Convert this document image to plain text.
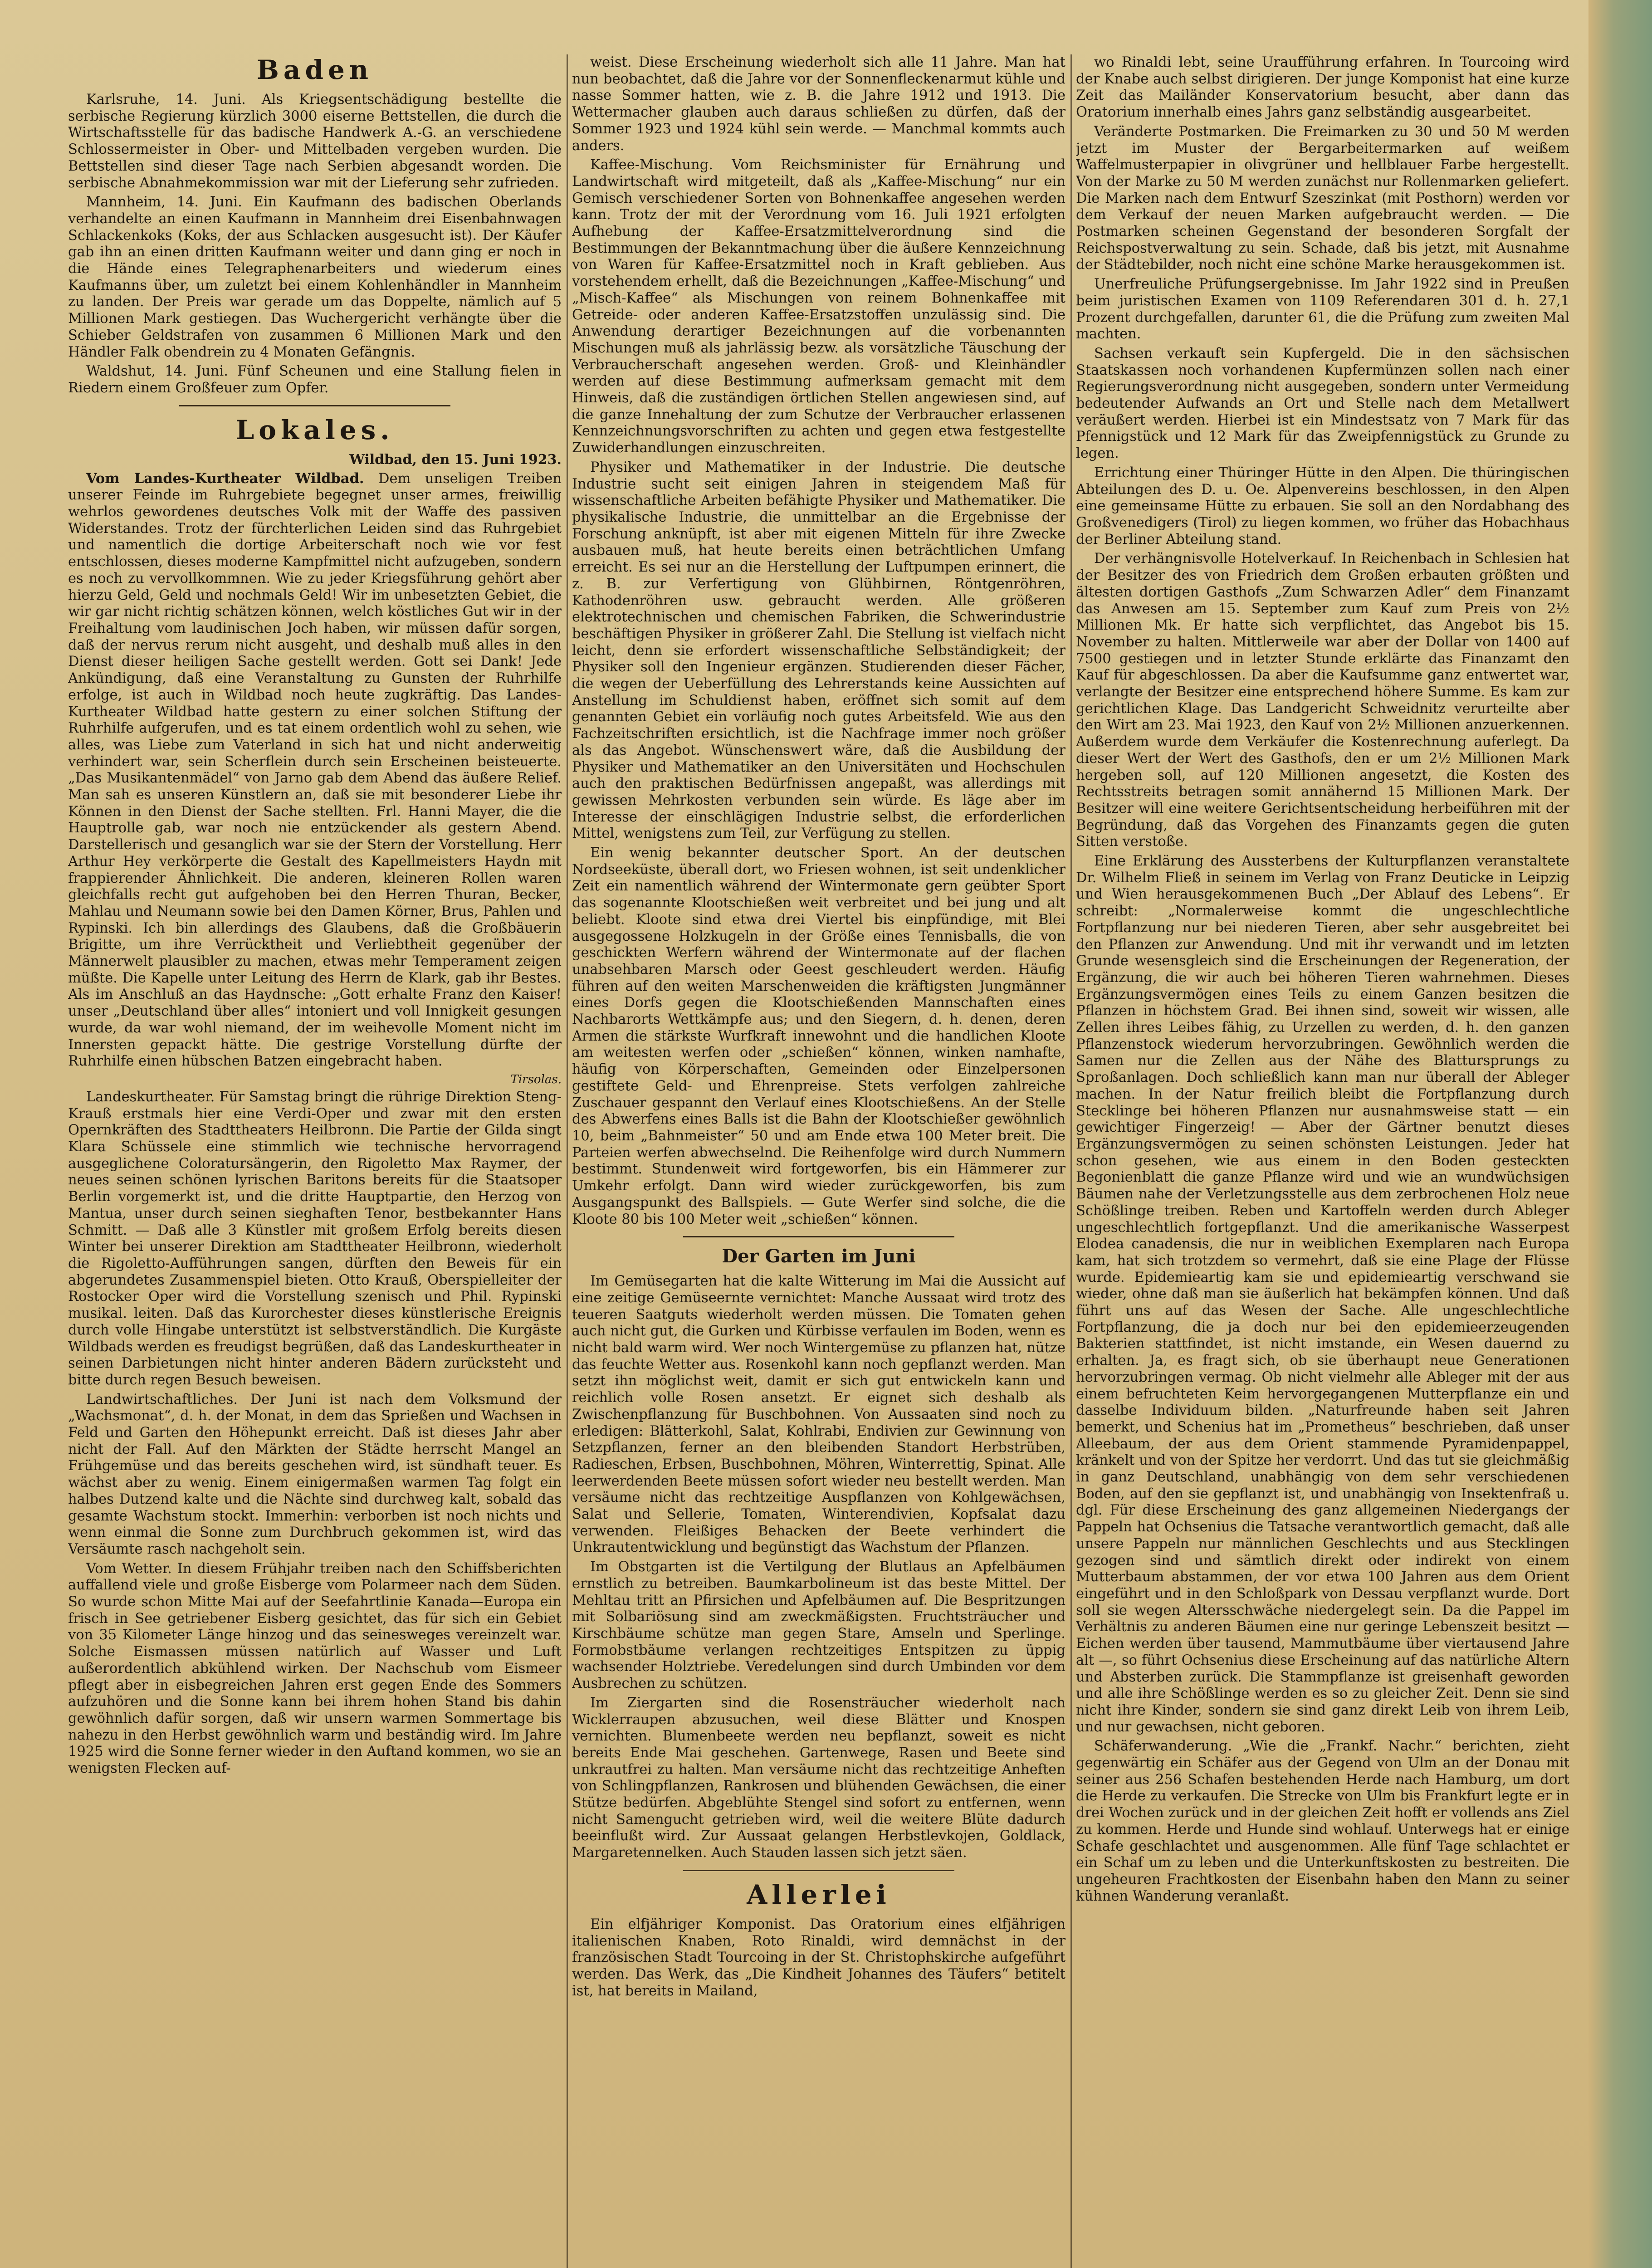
Baden

Karlsruhe, 14. Juni. Als Kriegsentschädigung bestellte die serbische Regierung kürzlich 3000 eiserne Bettstellen, die durch die Wirtschaftsstelle für das badische Handwerk A.-G. an verschiedene Schlossermeister in Ober- und Mittelbaden vergeben wurden. Die Bettstellen sind dieser Tage nach Serbien abgesandt worden. Die serbische Abnahmekommission war mit der Lieferung sehr zufrieden.

Mannheim, 14. Juni. Ein Kaufmann des badischen Oberlands verhandelte an einen Kaufmann in Mannheim drei Eisenbahnwagen Schlackenkoks (Koks, der aus Schlacken ausgesucht ist). Der Käufer gab ihn an einen dritten Kaufmann weiter und dann ging er noch in die Hände eines Telegraphenarbeiters und wiederum eines Kaufmanns über, um zuletzt bei einem Kohlenhändler in Mannheim zu landen. Der Preis war gerade um das Doppelte, nämlich auf 5 Millionen Mark gestiegen. Das Wuchergericht verhängte über die Schieber Geldstrafen von zusammen 6 Millionen Mark und den Händler Falk obendrein zu 4 Monaten Gefängnis.

Waldshut, 14. Juni. Fünf Scheunen und eine Stallung fielen in Riedern einem Großfeuer zum Opfer.

Lokales.
Wildbad, den 15. Juni 1923.

Vom Landes-Kurtheater Wildbad. Dem unseligen Treiben unserer Feinde im Ruhrgebiete begegnet unser armes, freiwillig wehrlos gewordenes deutsches Volk mit der Waffe des passiven Widerstandes. Trotz der fürchterlichen Leiden sind das Ruhrgebiet und namentlich die dortige Arbeiterschaft noch wie vor fest entschlossen, dieses moderne Kampfmittel nicht aufzugeben, sondern es noch zu vervollkommnen. Wie zu jeder Kriegsführung gehört aber hierzu Geld, Geld und nochmals Geld! Wir im unbesetzten Gebiet, die wir gar nicht richtig schätzen können, welch köstliches Gut wir in der Freihaltung vom laudinischen Joch haben, wir müssen dafür sorgen, daß der nervus rerum nicht ausgeht, und deshalb muß alles in den Dienst dieser heiligen Sache gestellt werden. Gott sei Dank! Jede Ankündigung, daß eine Veranstaltung zu Gunsten der Ruhrhilfe erfolge, ist auch in Wildbad noch heute zugkräftig. Das Landes-Kurtheater Wildbad hatte gestern zu einer solchen Stiftung der Ruhrhilfe aufgerufen, und es tat einem ordentlich wohl zu sehen, wie alles, was Liebe zum Vaterland in sich hat und nicht anderweitig verhindert war, sein Scherflein durch sein Erscheinen beisteuerte. „Das Musikantenmädel“ von Jarno gab dem Abend das äußere Relief. Man sah es unseren Künstlern an, daß sie mit besonderer Liebe ihr Können in den Dienst der Sache stellten. Frl. Hanni Mayer, die die Hauptrolle gab, war noch nie entzückender als gestern Abend. Darstellerisch und gesanglich war sie der Stern der Vorstellung. Herr Arthur Hey verkörperte die Gestalt des Kapellmeisters Haydn mit frappierender Ähnlichkeit. Die anderen, kleineren Rollen waren gleichfalls recht gut aufgehoben bei den Herren Thuran, Becker, Mahlau und Neumann sowie bei den Damen Körner, Brus, Pahlen und Rypinski. Ich bin allerdings des Glaubens, daß die Großbäuerin Brigitte, um ihre Verrücktheit und Verliebtheit gegenüber der Männerwelt plausibler zu machen, etwas mehr Temperament zeigen müßte. Die Kapelle unter Leitung des Herrn de Klark, gab ihr Bestes. Als im Anschluß an das Haydnsche: „Gott erhalte Franz den Kaiser! unser „Deutschland über alles“ intoniert und voll Innigkeit gesungen wurde, da war wohl niemand, der im weihevolle Moment nicht im Innersten gepackt hätte. Die gestrige Vorstellung dürfte der Ruhrhilfe einen hübschen Batzen eingebracht haben.

Tirsolas.

Landeskurtheater. Für Samstag bringt die rührige Direktion Steng-Krauß erstmals hier eine Verdi-Oper und zwar mit den ersten Opernkräften des Stadttheaters Heilbronn. Die Partie der Gilda singt Klara Schüssele eine stimmlich wie technische hervorragend ausgeglichene Coloratursängerin, den Rigoletto Max Raymer, der neues seinen schönen lyrischen Baritons bereits für die Staatsoper Berlin vorgemerkt ist, und die dritte Hauptpartie, den Herzog von Mantua, unser durch seinen sieghaften Tenor, bestbekannter Hans Schmitt. — Daß alle 3 Künstler mit großem Erfolg bereits diesen Winter bei unserer Direktion am Stadttheater Heilbronn, wiederholt die Rigoletto-Aufführungen sangen, dürften den Beweis für ein abgerundetes Zusammenspiel bieten. Otto Krauß, Oberspielleiter der Rostocker Oper wird die Vorstellung szenisch und Phil. Rypinski musikal. leiten. Daß das Kurorchester dieses künstlerische Ereignis durch volle Hingabe unterstützt ist selbstverständlich. Die Kurgäste Wildbads werden es freudigst begrüßen, daß das Landeskurtheater in seinen Darbietungen nicht hinter anderen Bädern zurücksteht und bitte durch regen Besuch beweisen.

Landwirtschaftliches. Der Juni ist nach dem Volksmund der „Wachsmonat“, d. h. der Monat, in dem das Sprießen und Wachsen in Feld und Garten den Höhepunkt erreicht. Daß ist dieses Jahr aber nicht der Fall. Auf den Märkten der Städte herrscht Mangel an Frühgemüse und das bereits geschehen wird, ist sündhaft teuer. Es wächst aber zu wenig. Einem einigermaßen warmen Tag folgt ein halbes Dutzend kalte und die Nächte sind durchweg kalt, sobald das gesamte Wachstum stockt. Immerhin: verborben ist noch nichts und wenn einmal die Sonne zum Durchbruch gekommen ist, wird das Versäumte rasch nachgeholt sein.

Vom Wetter. In diesem Frühjahr treiben nach den Schiffsberichten auffallend viele und große Eisberge vom Polarmeer nach dem Süden. So wurde schon Mitte Mai auf der Seefahrtlinie Kanada—Europa ein frisch in See getriebener Eisberg gesichtet, das für sich ein Gebiet von 35 Kilometer Länge hinzog und das seinesweges vereinzelt war. Solche Eismassen müssen natürlich auf Wasser und Luft außerordentlich abkühlend wirken. Der Nachschub vom Eismeer pflegt aber in eisbegreichen Jahren erst gegen Ende des Sommers aufzuhören und die Sonne kann bei ihrem hohen Stand bis dahin gewöhnlich dafür sorgen, daß wir unsern warmen Sommertage bis nahezu in den Herbst gewöhnlich warm und beständig wird. Im Jahre 1925 wird die Sonne ferner wieder in den Auftand kommen, wo sie an wenigsten Flecken auf-

weist. Diese Erscheinung wiederholt sich alle 11 Jahre. Man hat nun beobachtet, daß die Jahre vor der Sonnenfleckenarmut kühle und nasse Sommer hatten, wie z. B. die Jahre 1912 und 1913. Die Wettermacher glauben auch daraus schließen zu dürfen, daß der Sommer 1923 und 1924 kühl sein werde. — Manchmal kommts auch anders.

Kaffee-Mischung. Vom Reichsminister für Ernährung und Landwirtschaft wird mitgeteilt, daß als „Kaffee-Mischung“ nur ein Gemisch verschiedener Sorten von Bohnenkaffee angesehen werden kann. Trotz der mit der Verordnung vom 16. Juli 1921 erfolgten Aufhebung der Kaffee-Ersatzmittelverordnung sind die Bestimmungen der Bekanntmachung über die äußere Kennzeichnung von Waren für Kaffee-Ersatzmittel noch in Kraft geblieben. Aus vorstehendem erhellt, daß die Bezeichnungen „Kaffee-Mischung“ und „Misch-Kaffee“ als Mischungen von reinem Bohnenkaffee mit Getreide- oder anderen Kaffee-Ersatzstoffen unzulässig sind. Die Anwendung derartiger Bezeichnungen auf die vorbenannten Mischungen muß als jahrlässig bezw. als vorsätzliche Täuschung der Verbraucherschaft angesehen werden. Groß- und Kleinhändler werden auf diese Bestimmung aufmerksam gemacht mit dem Hinweis, daß die zuständigen örtlichen Stellen angewiesen sind, auf die ganze Innehaltung der zum Schutze der Verbraucher erlassenen Kennzeichnungsvorschriften zu achten und gegen etwa festgestellte Zuwiderhandlungen einzuschreiten.

Physiker und Mathematiker in der Industrie. Die deutsche Industrie sucht seit einigen Jahren in steigendem Maß für wissenschaftliche Arbeiten befähigte Physiker und Mathematiker. Die physikalische Industrie, die unmittelbar an die Ergebnisse der Forschung anknüpft, ist aber mit eigenen Mitteln für ihre Zwecke ausbauen muß, hat heute bereits einen beträchtlichen Umfang erreicht. Es sei nur an die Herstellung der Luftpumpen erinnert, die z. B. zur Verfertigung von Glühbirnen, Röntgenröhren, Kathodenröhren usw. gebraucht werden. Alle größeren elektrotechnischen und chemischen Fabriken, die Schwerindustrie beschäftigen Physiker in größerer Zahl. Die Stellung ist vielfach nicht leicht, denn sie erfordert wissenschaftliche Selbständigkeit; der Physiker soll den Ingenieur ergänzen. Studierenden dieser Fächer, die wegen der Ueberfüllung des Lehrerstands keine Aussichten auf Anstellung im Schuldienst haben, eröffnet sich somit auf dem genannten Gebiet ein vorläufig noch gutes Arbeitsfeld. Wie aus den Fachzeitschriften ersichtlich, ist die Nachfrage immer noch größer als das Angebot. Wünschenswert wäre, daß die Ausbildung der Physiker und Mathematiker an den Universitäten und Hochschulen auch den praktischen Bedürfnissen angepaßt, was allerdings mit gewissen Mehrkosten verbunden sein würde. Es läge aber im Interesse der einschlägigen Industrie selbst, die erforderlichen Mittel, wenigstens zum Teil, zur Verfügung zu stellen.

Ein wenig bekannter deutscher Sport. An der deutschen Nordseeküste, überall dort, wo Friesen wohnen, ist seit undenklicher Zeit ein namentlich während der Wintermonate gern geübter Sport das sogenannte Klootschießen weit verbreitet und bei jung und alt beliebt. Kloote sind etwa drei Viertel bis einpfündige, mit Blei ausgegossene Holzkugeln in der Größe eines Tennisballs, die von geschickten Werfern während der Wintermonate auf der flachen unabsehbaren Marsch oder Geest geschleudert werden. Häufig führen auf den weiten Marschenweiden die kräftigsten Jungmänner eines Dorfs gegen die Klootschießenden Mannschaften eines Nachbarorts Wettkämpfe aus; und den Siegern, d. h. denen, deren Armen die stärkste Wurfkraft innewohnt und die handlichen Kloote am weitesten werfen oder „schießen“ können, winken namhafte, häufig von Körperschaften, Gemeinden oder Einzelpersonen gestiftete Geld- und Ehrenpreise. Stets verfolgen zahlreiche Zuschauer gespannt den Verlauf eines Klootschießens. An der Stelle des Abwerfens eines Balls ist die Bahn der Klootschießer gewöhnlich 10, beim „Bahnmeister“ 50 und am Ende etwa 100 Meter breit. Die Parteien werfen abwechselnd. Die Reihenfolge wird durch Nummern bestimmt. Stundenweit wird fortgeworfen, bis ein Hämmerer zur Umkehr erfolgt. Dann wird wieder zurückgeworfen, bis zum Ausgangspunkt des Ballspiels. — Gute Werfer sind solche, die die Kloote 80 bis 100 Meter weit „schießen“ können.

Der Garten im Juni

Im Gemüsegarten hat die kalte Witterung im Mai die Aussicht auf eine zeitige Gemüseernte vernichtet: Manche Aussaat wird trotz des teueren Saatguts wiederholt werden müssen. Die Tomaten gehen auch nicht gut, die Gurken und Kürbisse verfaulen im Boden, wenn es nicht bald warm wird. Wer noch Wintergemüse zu pflanzen hat, nütze das feuchte Wetter aus. Rosenkohl kann noch gepflanzt werden. Man setzt ihn möglichst weit, damit er sich gut entwickeln kann und reichlich volle Rosen ansetzt. Er eignet sich deshalb als Zwischenpflanzung für Buschbohnen. Von Aussaaten sind noch zu erledigen: Blätterkohl, Salat, Kohlrabi, Endivien zur Gewinnung von Setzpflanzen, ferner an den bleibenden Standort Herbstrüben, Radieschen, Erbsen, Buschbohnen, Möhren, Winterrettig, Spinat. Alle leerwerdenden Beete müssen sofort wieder neu bestellt werden. Man versäume nicht das rechtzeitige Auspflanzen von Kohlgewächsen, Salat und Sellerie, Tomaten, Winterendivien, Kopfsalat dazu verwenden. Fleißiges Behacken der Beete verhindert die Unkrautentwicklung und begünstigt das Wachstum der Pflanzen.

Im Obstgarten ist die Vertilgung der Blutlaus an Apfelbäumen ernstlich zu betreiben. Baumkarbolineum ist das beste Mittel. Der Mehltau tritt an Pfirsichen und Apfelbäumen auf. Die Bespritzungen mit Solbariösung sind am zweckmäßigsten. Fruchtsträucher und Kirschbäume schütze man gegen Stare, Amseln und Sperlinge. Formobstbäume verlangen rechtzeitiges Entspitzen zu üppig wachsender Holztriebe. Veredelungen sind durch Umbinden vor dem Ausbrechen zu schützen.

Im Ziergarten sind die Rosensträucher wiederholt nach Wicklerraupen abzusuchen, weil diese Blätter und Knospen vernichten. Blumenbeete werden neu bepflanzt, soweit es nicht bereits Ende Mai geschehen. Gartenwege, Rasen und Beete sind unkrautfrei zu halten. Man versäume nicht das rechtzeitige Anheften von Schlingpflanzen, Rankrosen und blühenden Gewächsen, die einer Stütze bedürfen. Abgeblühte Stengel sind sofort zu entfernen, wenn nicht Samengucht getrieben wird, weil die weitere Blüte dadurch beeinflußt wird. Zur Aussaat gelangen Herbstlevkojen, Goldlack, Margaretennelken. Auch Stauden lassen sich jetzt säen.

Allerlei

Ein elfjähriger Komponist. Das Oratorium eines elfjährigen italienischen Knaben, Roto Rinaldi, wird demnächst in der französischen Stadt Tourcoing in der St. Christophskirche aufgeführt werden. Das Werk, das „Die Kindheit Johannes des Täufers“ betitelt ist, hat bereits in Mailand,

wo Rinaldi lebt, seine Uraufführung erfahren. In Tourcoing wird der Knabe auch selbst dirigieren. Der junge Komponist hat eine kurze Zeit das Mailänder Konservatorium besucht, aber dann das Oratorium innerhalb eines Jahrs ganz selbständig ausgearbeitet.

Veränderte Postmarken. Die Freimarken zu 30 und 50 M werden jetzt im Muster der Bergarbeitermarken auf weißem Waffelmusterpapier in olivgrüner und hellblauer Farbe hergestellt. Von der Marke zu 50 M werden zunächst nur Rollenmarken geliefert. Die Marken nach dem Entwurf Szeszinkat (mit Posthorn) werden vor dem Verkauf der neuen Marken aufgebraucht werden. — Die Postmarken scheinen Gegenstand der besonderen Sorgfalt der Reichspostverwaltung zu sein. Schade, daß bis jetzt, mit Ausnahme der Städtebilder, noch nicht eine schöne Marke herausgekommen ist.

Unerfreuliche Prüfungsergebnisse. Im Jahr 1922 sind in Preußen beim juristischen Examen von 1109 Referendaren 301 d. h. 27,1 Prozent durchgefallen, darunter 61, die die Prüfung zum zweiten Mal machten.

Sachsen verkauft sein Kupfergeld. Die in den sächsischen Staatskassen noch vorhandenen Kupfermünzen sollen nach einer Regierungsverordnung nicht ausgegeben, sondern unter Vermeidung bedeutender Aufwands an Ort und Stelle nach dem Metallwert veräußert werden. Hierbei ist ein Mindestsatz von 7 Mark für das Pfennigstück und 12 Mark für das Zweipfennigstück zu Grunde zu legen.

Errichtung einer Thüringer Hütte in den Alpen. Die thüringischen Abteilungen des D. u. Oe. Alpenvereins beschlossen, in den Alpen eine gemeinsame Hütte zu erbauen. Sie soll an den Nordabhang des Großvenedigers (Tirol) zu liegen kommen, wo früher das Hobachhaus der Berliner Abteilung stand.

Der verhängnisvolle Hotelverkauf. In Reichenbach in Schlesien hat der Besitzer des von Friedrich dem Großen erbauten größten und ältesten dortigen Gasthofs „Zum Schwarzen Adler“ dem Finanzamt das Anwesen am 15. September zum Kauf zum Preis von 2½ Millionen Mk. Er hatte sich verpflichtet, das Angebot bis 15. November zu halten. Mittlerweile war aber der Dollar von 1400 auf 7500 gestiegen und in letzter Stunde erklärte das Finanzamt den Kauf für abgeschlossen. Da aber die Kaufsumme ganz entwertet war, verlangte der Besitzer eine entsprechend höhere Summe. Es kam zur gerichtlichen Klage. Das Landgericht Schweidnitz verurteilte aber den Wirt am 23. Mai 1923, den Kauf von 2½ Millionen anzuerkennen. Außerdem wurde dem Verkäufer die Kostenrechnung auferlegt. Da dieser Wert der Wert des Gasthofs, den er um 2½ Millionen Mark hergeben soll, auf 120 Millionen angesetzt, die Kosten des Rechtsstreits betragen somit annähernd 15 Millionen Mark. Der Besitzer will eine weitere Gerichtsentscheidung herbeiführen mit der Begründung, daß das Vorgehen des Finanzamts gegen die guten Sitten verstoße.

Eine Erklärung des Aussterbens der Kulturpflanzen veranstaltete Dr. Wilhelm Fließ in seinem im Verlag von Franz Deuticke in Leipzig und Wien herausgekommenen Buch „Der Ablauf des Lebens“. Er schreibt: „Normalerweise kommt die ungeschlechtliche Fortpflanzung nur bei niederen Tieren, aber sehr ausgebreitet bei den Pflanzen zur Anwendung. Und mit ihr verwandt und im letzten Grunde wesensgleich sind die Erscheinungen der Regeneration, der Ergänzung, die wir auch bei höheren Tieren wahrnehmen. Dieses Ergänzungsvermögen eines Teils zu einem Ganzen besitzen die Pflanzen in höchstem Grad. Bei ihnen sind, soweit wir wissen, alle Zellen ihres Leibes fähig, zu Urzellen zu werden, d. h. den ganzen Pflanzenstock wiederum hervorzubringen. Gewöhnlich werden die Samen nur die Zellen aus der Nähe des Blattursprungs zu Sproßanlagen. Doch schließlich kann man nur überall der Ableger machen. In der Natur freilich bleibt die Fortpflanzung durch Stecklinge bei höheren Pflanzen nur ausnahmsweise statt — ein gewichtiger Fingerzeig! — Aber der Gärtner benutzt dieses Ergänzungsvermögen zu seinen schönsten Leistungen. Jeder hat schon gesehen, wie aus einem in den Boden gesteckten Begonienblatt die ganze Pflanze wird und wie an wundwüchsigen Bäumen nahe der Verletzungsstelle aus dem zerbrochenen Holz neue Schößlinge treiben. Reben und Kartoffeln werden durch Ableger ungeschlechtlich fortgepflanzt. Und die amerikanische Wasserpest Elodea canadensis, die nur in weiblichen Exemplaren nach Europa kam, hat sich trotzdem so vermehrt, daß sie eine Plage der Flüsse wurde. Epidemieartig kam sie und epidemieartig verschwand sie wieder, ohne daß man sie äußerlich hat bekämpfen können. Und daß führt uns auf das Wesen der Sache. Alle ungeschlechtliche Fortpflanzung, die ja doch nur bei den epidemieerzeugenden Bakterien stattfindet, ist nicht imstande, ein Wesen dauernd zu erhalten. Ja, es fragt sich, ob sie überhaupt neue Generationen hervorzubringen vermag. Ob nicht vielmehr alle Ableger mit der aus einem befruchteten Keim hervorgegangenen Mutterpflanze ein und dasselbe Individuum bilden. „Naturfreunde haben seit Jahren bemerkt, und Schenius hat im „Prometheus“ beschrieben, daß unser Alleebaum, der aus dem Orient stammende Pyramidenpappel, kränkelt und von der Spitze her verdorrt. Und das tut sie gleichmäßig in ganz Deutschland, unabhängig von dem sehr verschiedenen Boden, auf den sie gepflanzt ist, und unabhängig von Insektenfraß u. dgl. Für diese Erscheinung des ganz allgemeinen Niedergangs der Pappeln hat Ochsenius die Tatsache verantwortlich gemacht, daß alle unsere Pappeln nur männlichen Geschlechts und aus Stecklingen gezogen sind und sämtlich direkt oder indirekt von einem Mutterbaum abstammen, der vor etwa 100 Jahren aus dem Orient eingeführt und in den Schloßpark von Dessau verpflanzt wurde. Dort soll sie wegen Altersschwäche niedergelegt sein. Da die Pappel im Verhältnis zu anderen Bäumen eine nur geringe Lebenszeit besitzt — Eichen werden über tausend, Mammutbäume über viertausend Jahre alt —, so führt Ochsenius diese Erscheinung auf das natürliche Altern und Absterben zurück. Die Stammpflanze ist greisenhaft geworden und alle ihre Schößlinge werden es so zu gleicher Zeit. Denn sie sind nicht ihre Kinder, sondern sie sind ganz direkt Leib von ihrem Leib, und nur gewachsen, nicht geboren.

Schäferwanderung. „Wie die „Frankf. Nachr.“ berichten, zieht gegenwärtig ein Schäfer aus der Gegend von Ulm an der Donau mit seiner aus 256 Schafen bestehenden Herde nach Hamburg, um dort die Herde zu verkaufen. Die Strecke von Ulm bis Frankfurt legte er in drei Wochen zurück und in der gleichen Zeit hofft er vollends ans Ziel zu kommen. Herde und Hunde sind wohlauf. Unterwegs hat er einige Schafe geschlachtet und ausgenommen. Alle fünf Tage schlachtet er ein Schaf um zu leben und die Unterkunftskosten zu bestreiten. Die ungeheuren Frachtkosten der Eisenbahn haben den Mann zu seiner kühnen Wanderung veranlaßt.
